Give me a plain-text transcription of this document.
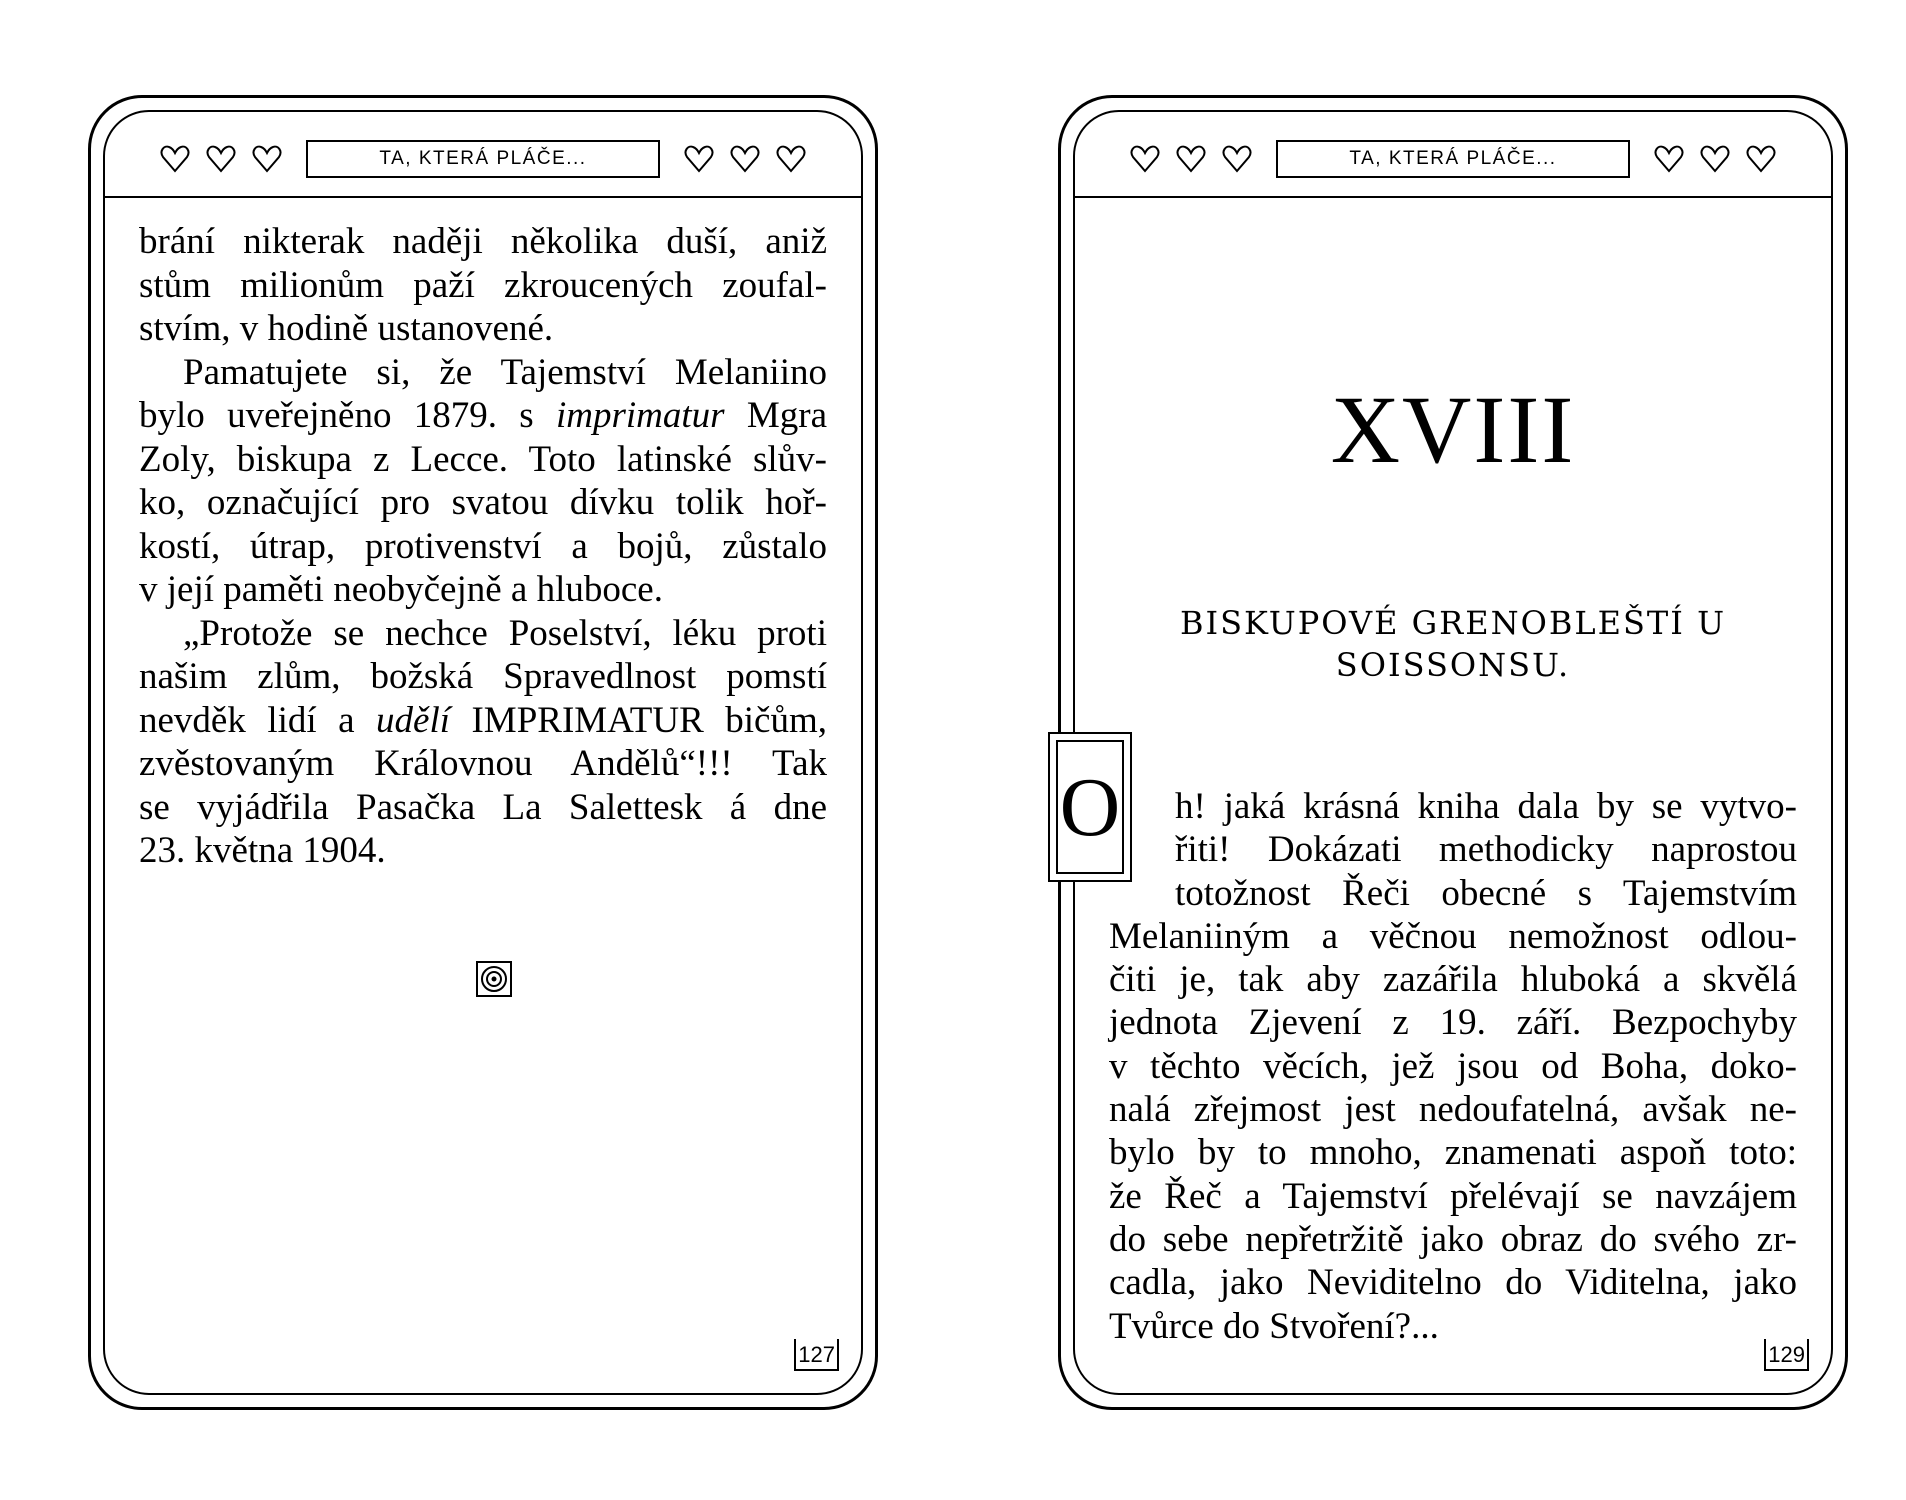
TA, KTERÁ PLÁČE...
brání nikterak naději několika duší, aniž
stům milionům paží zkroucených zoufal-
stvím, v hodině ustanovené.
Pamatujete si, že Tajemství Melaniino
bylo uveřejněno 1879. s imprimatur Mgra
Zoly, biskupa z Lecce. Toto latinské slův-
ko, označující pro svatou dívku tolik hoř-
kostí, útrap, protivenství a bojů, zůstalo
v její paměti neobyčejně a hluboce.
„Protože se nechce Poselství, léku proti
našim zlům, božská Spravedlnost pomstí
nevděk lidí a udělí IMPRIMATUR bičům,
zvěstovaným Královnou Andělů“!!! Tak
se vyjádřila Pasačka La Salettesk á dne
23. května 1904.
127
TA, KTERÁ PLÁČE...
XVIII
BISKUPOVÉ GRENOBLEŠTÍ U
SOISSONSU.
O	h! jaká krásná kniha dala by se vytvo-
řiti! Dokázati methodicky naprostou
totožnost Řeči obecné s Tajemstvím
Melaniiným a věčnou nemožnost odlou-
čiti je, tak aby zazářila hluboká a skvělá
jednota Zjevení z 19. září. Bezpochyby
v těchto věcích, jež jsou od Boha, doko-
nalá zřejmost jest nedoufatelná, avšak ne-
bylo by to mnoho, znamenati aspoň toto:
že Řeč a Tajemství přelévají se navzájem
do sebe nepřetržitě jako obraz do svého zr-
cadla, jako Neviditelno do Viditelna, jako
Tvůrce do Stvoření?...
129
